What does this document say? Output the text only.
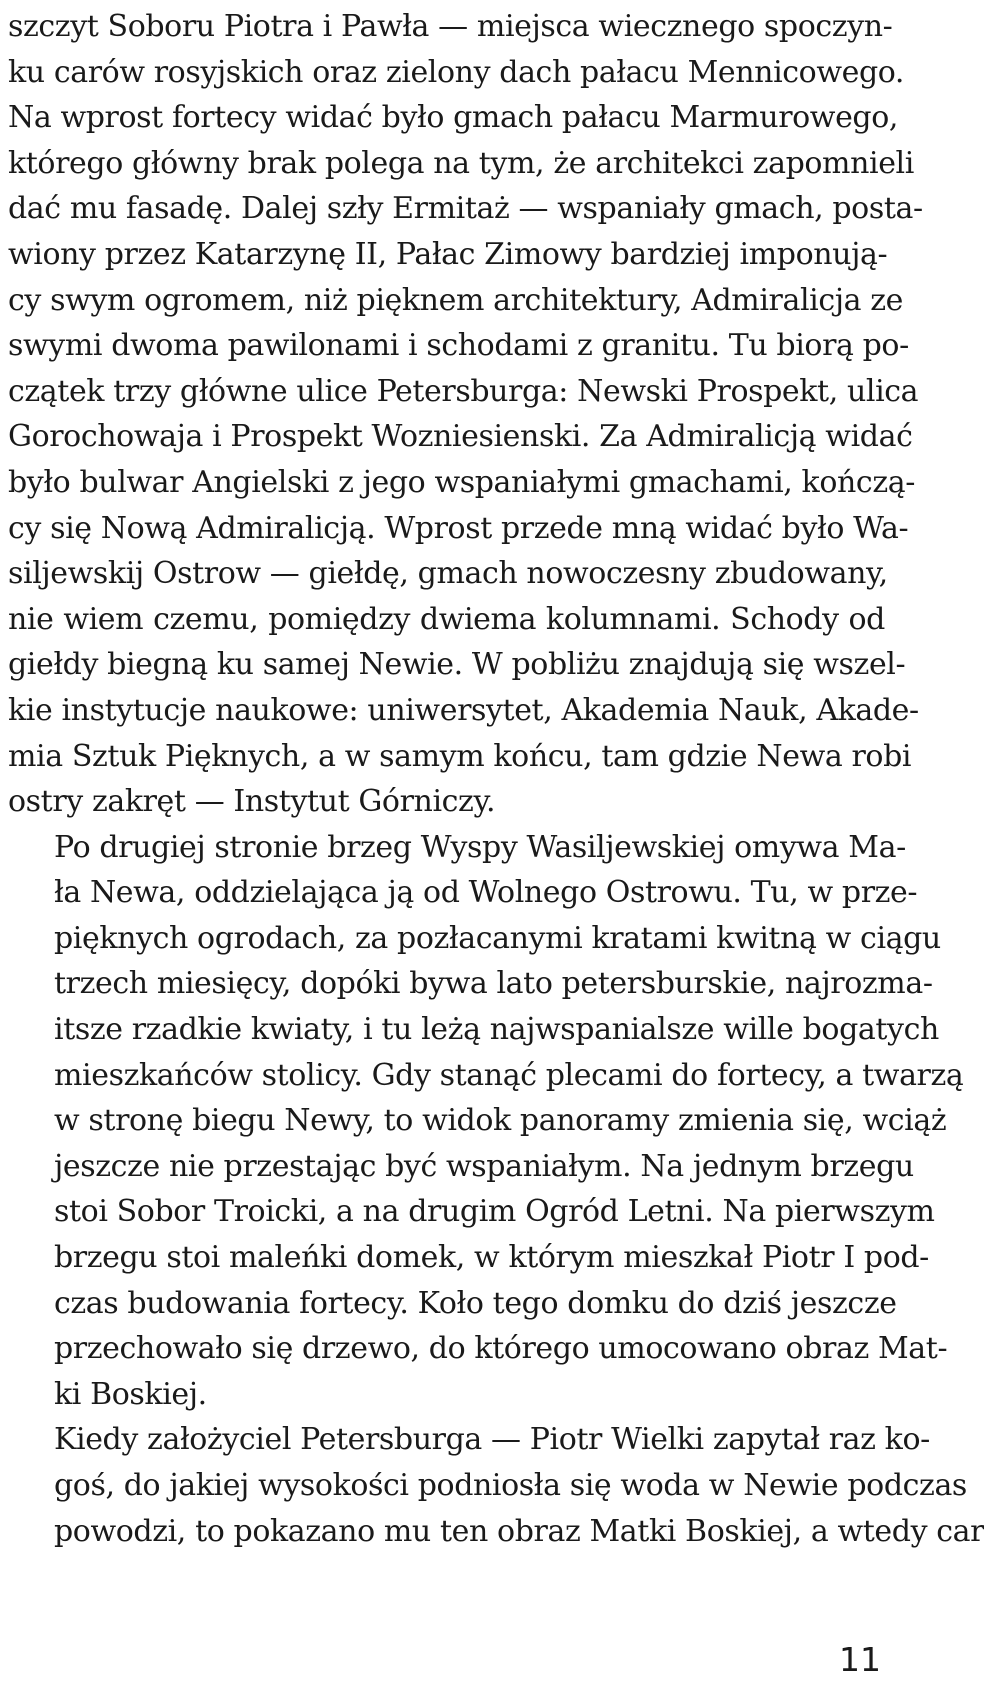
szczyt Soboru Piotra i Pawła — miejsca wiecznego spoczyn-
ku carów rosyjskich oraz zielony dach pałacu Mennicowego.
Na wprost fortecy widać było gmach pałacu Marmurowego,
którego główny brak polega na tym, że architekci zapomnieli
dać mu fasadę. Dalej szły Ermitaż — wspaniały gmach, posta-
wiony przez Katarzynę II, Pałac Zimowy bardziej imponują-
cy swym ogromem, niż pięknem architektury, Admiralicja ze
swymi dwoma pawilonami i schodami z granitu. Tu biorą po-
czątek trzy główne ulice Petersburga: Newski Prospekt, ulica
Gorochowaja i Prospekt Wozniesienski. Za Admiralicją widać
było bulwar Angielski z jego wspaniałymi gmachami, kończą-
cy się Nową Admiralicją. Wprost przede mną widać było Wa-
siljewskij Ostrow — giełdę, gmach nowoczesny zbudowany,
nie wiem czemu, pomiędzy dwiema kolumnami. Schody od
giełdy biegną ku samej Newie. W pobliżu znajdują się wszel-
kie instytucje naukowe: uniwersytet, Akademia Nauk, Akade-
mia Sztuk Pięknych, a w samym końcu, tam gdzie Newa robi
ostry zakręt — Instytut Górniczy.
Po drugiej stronie brzeg Wyspy Wasiljewskiej omywa Ma-
ła Newa, oddzielająca ją od Wolnego Ostrowu. Tu, w prze-
pięknych ogrodach, za pozłacanymi kratami kwitną w ciągu
trzech miesięcy, dopóki bywa lato petersburskie, najrozma-
itsze rzadkie kwiaty, i tu leżą najwspanialsze wille bogatych
mieszkańców stolicy. Gdy stanąć plecami do fortecy, a twarzą
w stronę biegu Newy, to widok panoramy zmienia się, wciąż
jeszcze nie przestając być wspaniałym. Na jednym brzegu
stoi Sobor Troicki, a na drugim Ogród Letni. Na pierwszym
brzegu stoi maleńki domek, w którym mieszkał Piotr I pod-
czas budowania fortecy. Koło tego domku do dziś jeszcze
przechowało się drzewo, do którego umocowano obraz Mat-
ki Boskiej.
Kiedy założyciel Petersburga — Piotr Wielki zapytał raz ko-
goś, do jakiej wysokości podniosła się woda w Newie podczas
powodzi, to pokazano mu ten obraz Matki Boskiej, a wtedy car
11
